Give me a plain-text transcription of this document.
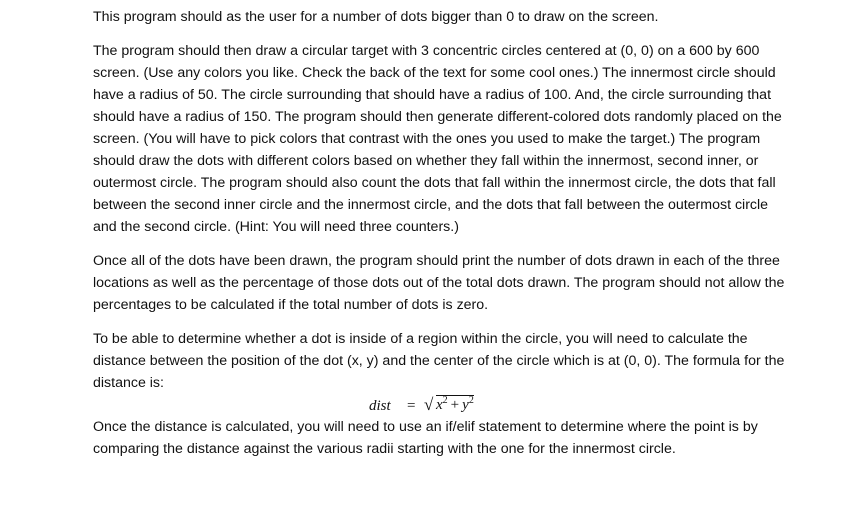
This program should as the user for a number of dots bigger than 0 to draw on the screen.

The program should then draw a circular target with 3 concentric circles centered at (0, 0) on a 600 by 600 screen. (Use any colors you like. Check the back of the text for some cool ones.) The innermost circle should have a radius of 50. The circle surrounding that should have a radius of 100. And, the circle surrounding that should have a radius of 150. The program should then generate different-colored dots randomly placed on the screen. (You will have to pick colors that contrast with the ones you used to make the target.) The program should draw the dots with different colors based on whether they fall within the innermost, second inner, or outermost circle. The program should also count the dots that fall within the innermost circle, the dots that fall between the second inner circle and the innermost circle, and the dots that fall between the outermost circle and the second circle. (Hint: You will need three counters.)

Once all of the dots have been drawn, the program should print the number of dots drawn in each of the three locations as well as the percentage of those dots out of the total dots drawn. The program should not allow the percentages to be calculated if the total number of dots is zero.

To be able to determine whether a dot is inside of a region within the circle, you will need to calculate the distance between the position of the dot (x, y) and the center of the circle which is at (0, 0). The formula for the distance is:

dist = √ $x^2 + y^2$

Once the distance is calculated, you will need to use an if/elif statement to determine where the point is by comparing the distance against the various radii starting with the one for the innermost circle.
